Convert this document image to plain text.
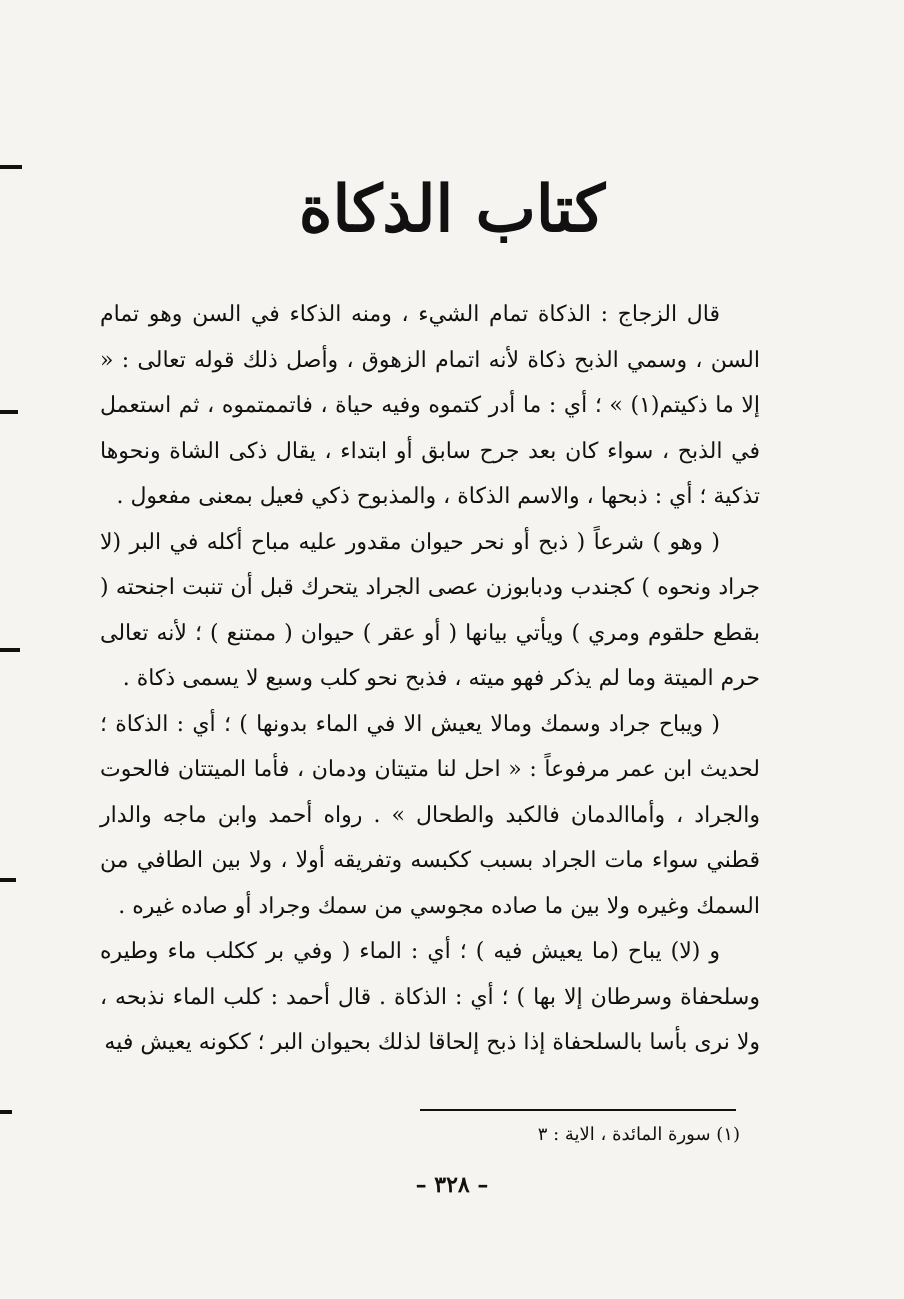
كتاب الذكاة

قال الزجاج : الذكاة تمام الشيء ، ومنه الذكاء في السن وهو تمام السن ، وسمي الذبح ذكاة لأنه اتمام الزهوق ، وأصل ذلك قوله تعالى : « إلا ما ذكيتم(١) » ؛ أي : ما أدر كتموه وفيه حياة ، فاتممتموه ، ثم استعمل في الذبح ، سواء كان بعد جرح سابق أو ابتداء ، يقال ذكى الشاة ونحوها تذكية ؛ أي : ذبحها ، والاسم الذكاة ، والمذبوح ذكي فعيل بمعنى مفعول .

( وهو ) شرعاً ( ذبح أو نحر حيوان مقدور عليه مباح أكله في البر (لا جراد ونحوه ) كجندب ودبابوزن عصى الجراد يتحرك قبل أن تنبت اجنحته ( بقطع حلقوم ومري ) ويأتي بيانها ( أو عقر ) حيوان ( ممتنع ) ؛ لأنه تعالى حرم الميتة وما لم يذكر فهو ميته ، فذبح نحو كلب وسبع لا يسمى ذكاة .

( ويباح جراد وسمك ومالا يعيش الا في الماء بدونها ) ؛ أي : الذكاة ؛ لحديث ابن عمر مرفوعاً : « احل لنا متيتان ودمان ، فأما الميتتان فالحوت والجراد ، وأماالدمان فالكبد والطحال » . رواه أحمد وابن ماجه والدار قطني سواء مات الجراد بسبب ككبسه وتفريقه أولا ، ولا بين الطافي من السمك وغيره ولا بين ما صاده مجوسي من سمك وجراد أو صاده غيره .

و (لا) يباح (ما يعيش فيه ) ؛ أي : الماء ( وفي بر ككلب ماء وطيره وسلحفاة وسرطان إلا بها ) ؛ أي : الذكاة . قال أحمد : كلب الماء نذبحه ، ولا نرى بأسا بالسلحفاة إذا ذبح إلحاقا لذلك بحيوان البر ؛ ككونه يعيش فيه

(١) سورة المائدة ، الاية : ٣
– ٣٢٨ –
